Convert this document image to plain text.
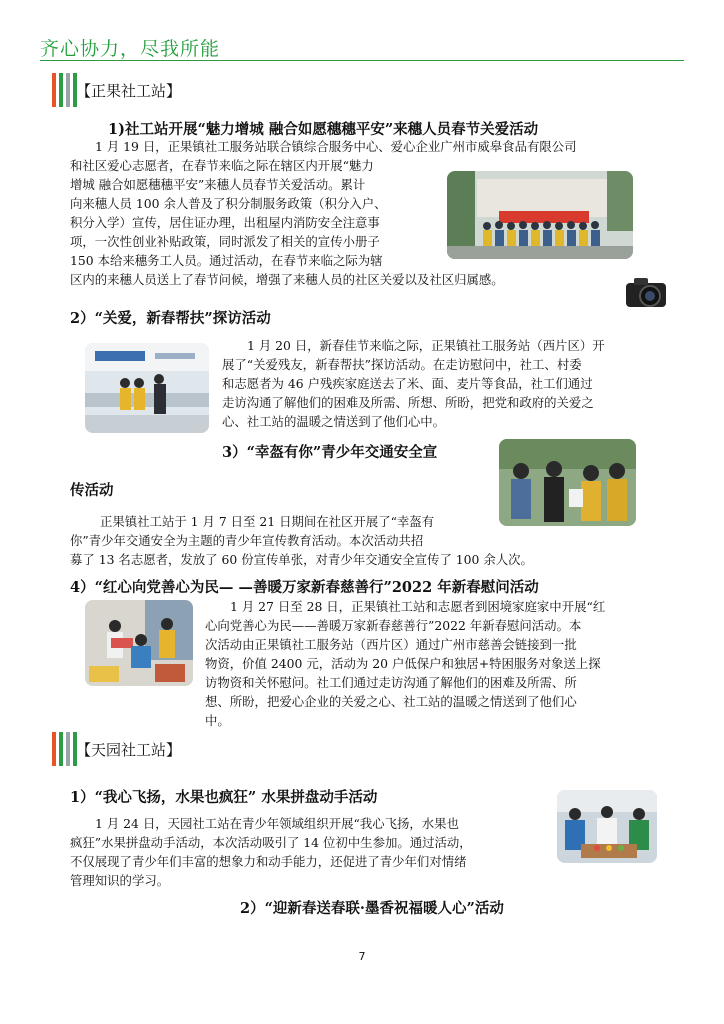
齐心协力，尽我所能
【正果社工站】
1)社工站开展“魅力增城 融合如愿穗穗平安”来穗人员春节关爱活动
1 月 19 日，正果镇社工服务站联合镇综合服务中心、爱心企业广州市威皋食品有限公司
和社区爱心志愿者，在春节来临之际在辖区内开展“魅力
增城 融合如愿穗穗平安”来穗人员春节关爱活动。累计
向来穗人员 100 余人普及了积分制服务政策（积分入户、
积分入学）宣传，居住证办理，出租屋内消防安全注意事
项，一次性创业补贴政策，同时派发了相关的宣传小册子
150 本给来穗务工人员。通过活动，在春节来临之际为辖
区内的来穗人员送上了春节问候，增强了来穗人员的社区关爱以及社区归属感。
2）“关爱，新春帮扶”探访活动
1 月 20 日，新春佳节来临之际，正果镇社工服务站（西片区）开
展了“关爱残友，新春帮扶”探访活动。在走访慰问中，社工、村委
和志愿者为 46 户残疾家庭送去了米、面、麦片等食品，社工们通过
走访沟通了解他们的困难及所需、所想、所盼，把党和政府的关爱之
心、社工站的温暖之情送到了他们心中。
3）“幸盔有你”青少年交通安全宣
传活动
正果镇社工站于 1 月 7 日至 21 日期间在社区开展了“幸盔有
你”青少年交通安全为主题的青少年宣传教育活动。本次活动共招
募了 13 名志愿者，发放了 60 份宣传单张，对青少年交通安全宣传了 100 余人次。
4）“红心向党善心为民— —善暖万家新春慈善行”2022 年新春慰问活动
1 月 27 日至 28 日，正果镇社工站和志愿者到困境家庭家中开展“红
心向党善心为民——善暖万家新春慈善行”2022 年新春慰问活动。本
次活动由正果镇社工服务站（西片区）通过广州市慈善会链接到一批
物资，价值 2400 元，活动为 20 户低保户和独居+特困服务对象送上探
访物资和关怀慰问。社工们通过走访沟通了解他们的困难及所需、所
想、所盼，把爱心企业的关爱之心、社工站的温暖之情送到了他们心
中。
【天园社工站】
1）“我心飞扬，水果也疯狂” 水果拼盘动手活动
1 月 24 日，天园社工站在青少年领域组织开展“我心飞扬，水果也
疯狂”水果拼盘动手活动，本次活动吸引了 14 位初中生参加。通过活动，
不仅展现了青少年们丰富的想象力和动手能力，还促进了青少年们对情绪
管理知识的学习。
2）“迎新春送春联·墨香祝福暖人心”活动
7
